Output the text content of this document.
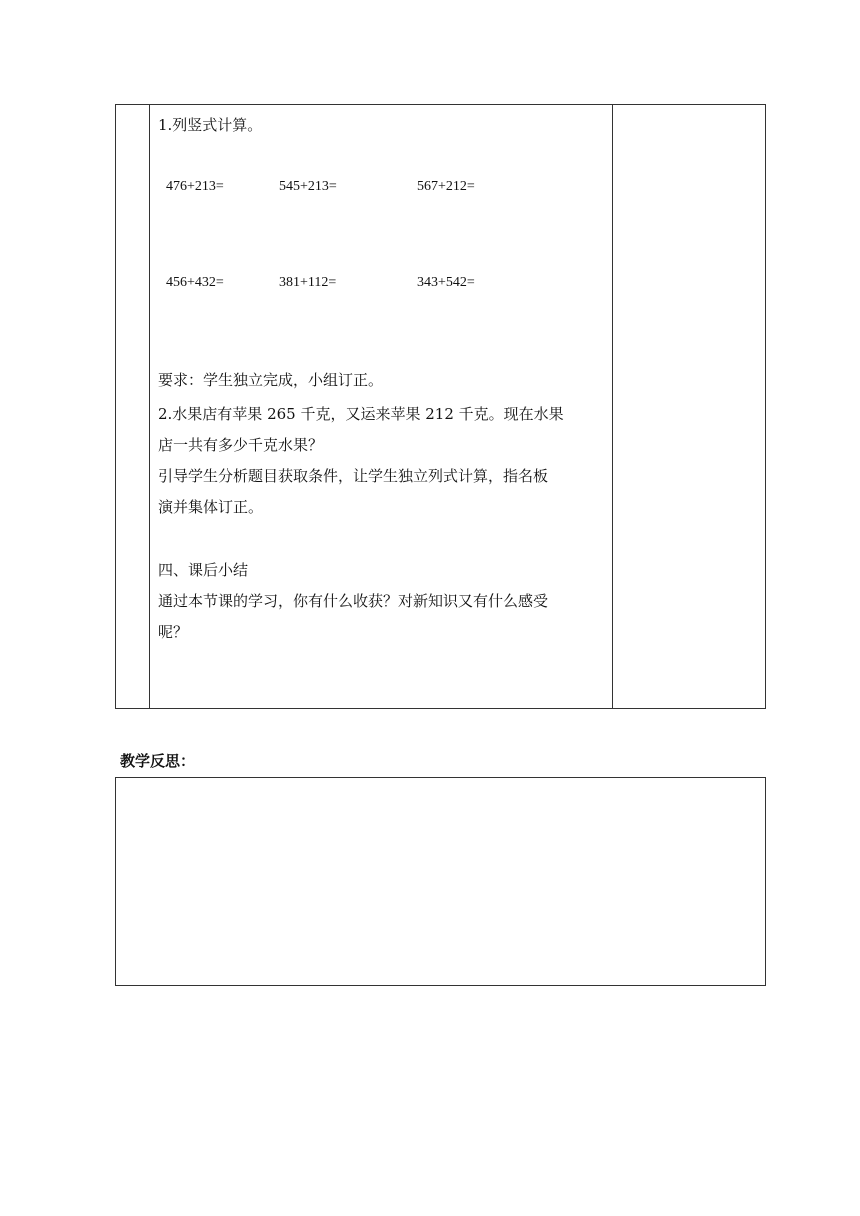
1.列竖式计算。
476+213=	545+213=	567+212=
456+432=	381+112=	343+542=
要求：学生独立完成，小组订正。
2.水果店有苹果 265 千克，又运来苹果 212 千克。现在水果
店一共有多少千克水果？
引导学生分析题目获取条件，让学生独立列式计算，指名板
演并集体订正。
四、课后小结
通过本节课的学习，你有什么收获？对新知识又有什么感受
呢？
教学反思：
